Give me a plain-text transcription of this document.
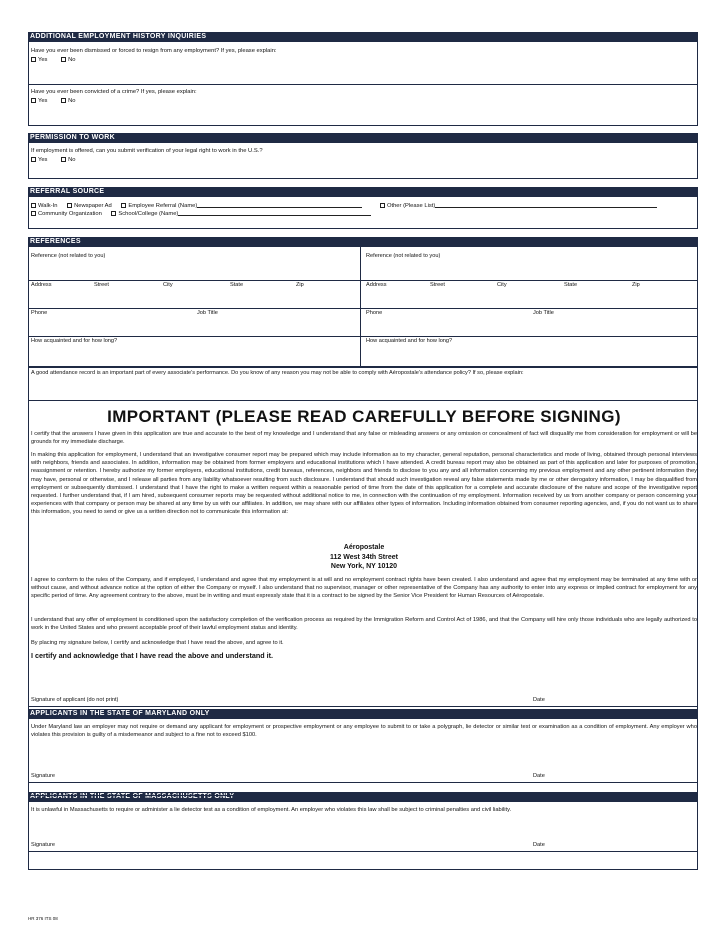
ADDITIONAL EMPLOYMENT HISTORY INQUIRIES
Have you ever been dismissed or forced to resign from any employment? If yes, please explain:
Yes	No
Have you ever been convicted of a crime? If yes, please explain:
Yes	No
PERMISSION TO WORK
If employment is offered, can you submit verification of your legal right to work in the U.S.?
Yes	No
REFERRAL SOURCE
Walk-In	Newspaper Ad	Employee Referral (Name)	Other (Please List)
Community Organization	School/College (Name)
REFERENCES
Reference (not related to you)
Address	Street	City	State	Zip
Phone	Job Title
How acquainted and for how long?
Reference (not related to you)
Address	Street	City	State	Zip
Phone	Job Title
How acquainted and for how long?
A good attendance record is an important part of every associate's performance. Do you know of any reason you may not be able to comply with Aéropostale's attendance policy? If so, please explain:
IMPORTANT (PLEASE READ CAREFULLY BEFORE SIGNING)
I certify that the answers I have given in this application are true and accurate to the best of my knowledge and I understand that any false or misleading answers or any omission or concealment of fact will disqualify me from consideration for employment or will be grounds for my immediate discharge.
In making this application for employment, I understand that an investigative consumer report may be prepared which may include information as to my character, general reputation, personal characteristics and mode of living, obtained through personal interviews with neighbors, friends and associates. In addition, information may be obtained from former employers and educational institutions which I have attended. A credit bureau report may also be obtained as part of this application and later for purposes of promotion, reassignment or retention. I hereby authorize my former employers, educational institutions, credit bureaus, references, neighbors and friends to disclose to you any and all information concerning my previous employment and any other pertinent information they may have, personal or otherwise, and I release all parties from any liability whatsoever resulting from such disclosure. I understand that should such investigation reveal any false statements made by me or other derogatory information, I may be disqualified from employment or subsequently dismissed. I understand that I have the right to make a written request within a reasonable period of time from the date of this application for a complete and accurate disclosure of the nature and scope of the investigative report requested. I further understand that, if I am hired, subsequent consumer reports may be requested without additional notice to me, in connection with the continuation of my employment. Information received by us from another company or person concerning your experiences with that company or person may be shared at any time by us with our affiliates. In addition, we may share with our affiliates other types of information. Including information obtained from consumer reporting agencies, and, if you do not want us to share this information, you need to send or give us a written direction not to communicate this information at:
Aéropostale
112 West 34th Street
New York, NY 10120
I agree to conform to the rules of the Company, and if employed, I understand and agree that my employment is at will and no employment contract rights have been created. I also understand and agree that my employment may be terminated at any time with or without cause, and without advance notice at the option of either the Company or myself. I also understand that no supervisor, manager or other representative of the Company has any authority to enter into any express or implied contract for employment for any specific period of time. Any agreement contrary to the above, must be in writing and must expressly state that it is a contract to be signed by the Senior Vice President for Human Resources of Aéropostale.
I understand that any offer of employment is conditioned upon the satisfactory completion of the verification process as required by the Immigration Reform and Control Act of 1986, and that the Company will hire only those individuals who are legally authorized to work in the United States and who present acceptable proof of their lawful employment status and identity.
By placing my signature below, I certify and acknowledge that I have read the above, and agree to it.
I certify and acknowledge that I have read the above and understand it.
Signature of applicant (do not print)	Date
APPLICANTS IN THE STATE OF MARYLAND ONLY
Under Maryland law an employer may not require or demand any applicant for employment or prospective employment or any employee to submit to or take a polygraph, lie detector or similar test or examination as a condition of employment. Any employer who violates this provision is guilty of a misdemeanor and subject to a fine not to exceed $100.
Signature	Date
APPLICANTS IN THE STATE OF MASSACHUSETTS ONLY
It is unlawful in Massachusetts to require or administer a lie detector test as a condition of employment. An employer who violates this law shall be subject to criminal penalties and civil liability.
Signature	Date
HR 376 ITS 08
